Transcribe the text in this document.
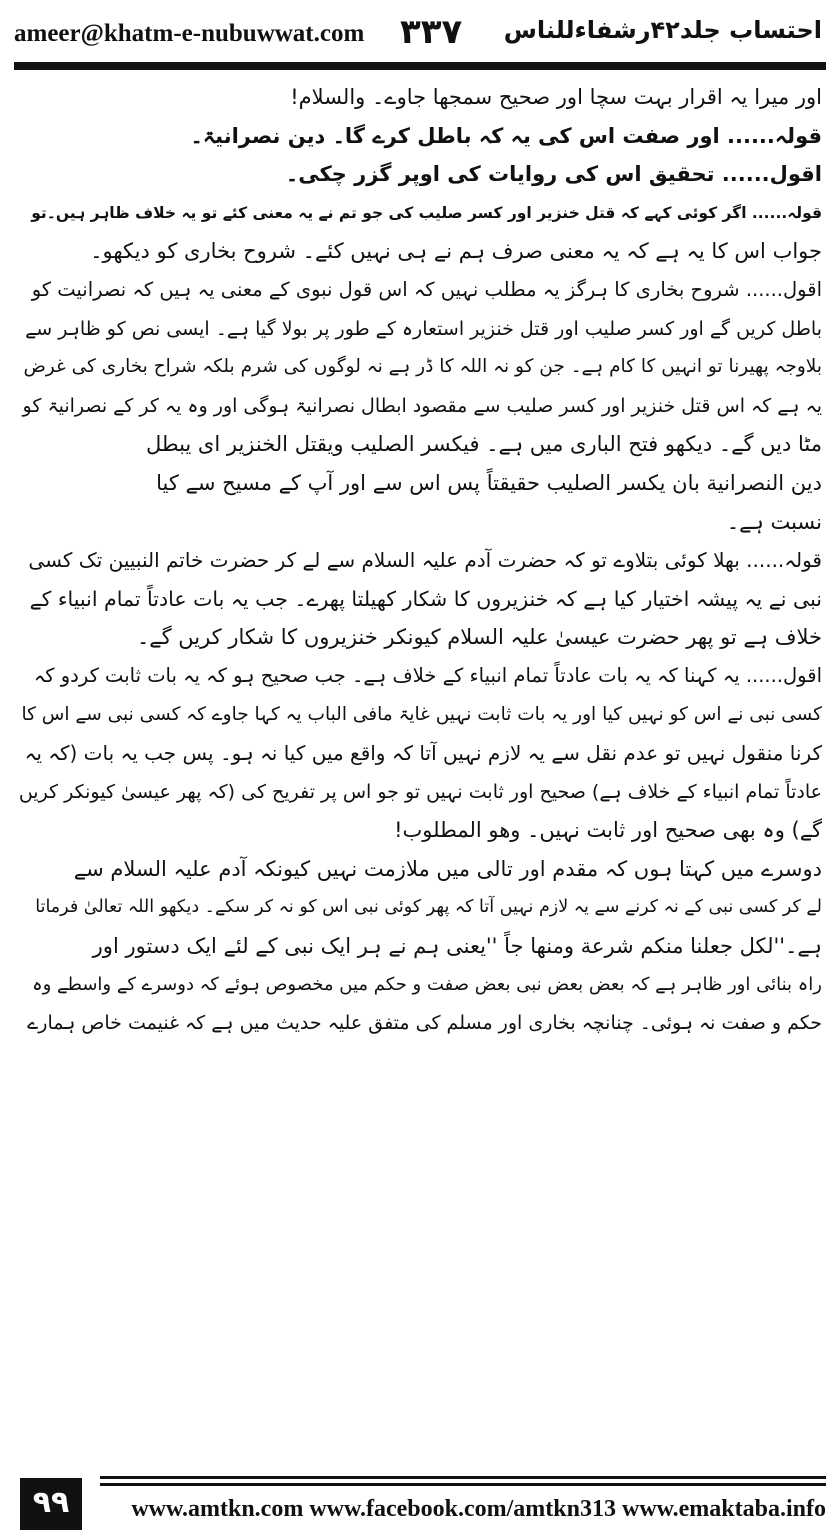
ameer@khatm-e-nubuwwat.com ۳۳۷ احتساب جلد۴۲رشفاءللناس
اور میرا یہ اقرار بہت سچا اور صحیح سمجھا جاوے۔ والسلام!
قولہ...... اور صفت اس کی یہ کہ باطل کرے گا۔ دین نصرانیۃ۔
اقول...... تحقیق اس کی روایات کی اوپر گزر چکی۔
قولہ...... اگر کوئی کہے کہ قتل خنزیر اور کسر صلیب کی جو تم نے یہ معنی کئے تو یہ خلاف ظاہر ہیں۔تو
جواب اس کا یہ ہے کہ یہ معنی صرف ہم نے ہی نہیں کئے۔ شروح بخاری کو دیکھو۔
اقول...... شروح بخاری کا ہرگز یہ مطلب نہیں کہ اس قول نبوی کے معنی یہ ہیں کہ نصرانیت کو
باطل کریں گے اور کسر صلیب اور قتل خنزیر استعارہ کے طور پر بولا گیا ہے۔ ایسی نص کو ظاہر سے
بلاوجہ پھیرنا تو انہیں کا کام ہے۔ جن کو نہ اللہ کا ڈر ہے نہ لوگوں کی شرم بلکہ شراح بخاری کی غرض
یہ ہے کہ اس قتل خنزیر اور کسر صلیب سے مقصود ابطال نصرانیۃ ہوگی اور وہ یہ کر کے نصرانیۃ کو
مٹا دیں گے۔ دیکھو فتح الباری میں ہے۔ فیکسر الصلیب ویقتل الخنزیر ای یبطل
دین النصرانیة بان یکسر الصلیب حقیقتاً پس اس سے اور آپ کے مسیح سے کیا
نسبت ہے۔
قولہ...... بھلا کوئی بتلاوے تو کہ حضرت آدم علیہ السلام سے لے کر حضرت خاتم النبیین تک کسی
نبی نے یہ پیشہ اختیار کیا ہے کہ خنزیروں کا شکار کھیلتا پھرے۔ جب یہ بات عادتاً تمام انبیاء کے
خلاف ہے تو پھر حضرت عیسیٰ علیہ السلام کیونکر خنزیروں کا شکار کریں گے۔
اقول...... یہ کہنا کہ یہ بات عادتاً تمام انبیاء کے خلاف ہے۔ جب صحیح ہو کہ یہ بات ثابت کردو کہ
کسی نبی نے اس کو نہیں کیا اور یہ بات ثابت نہیں غایۃ مافی الباب یہ کہا جاوے کہ کسی نبی سے اس کا
کرنا منقول نہیں تو عدم نقل سے یہ لازم نہیں آتا کہ واقع میں کیا نہ ہو۔ پس جب یہ بات (کہ یہ
عادتاً تمام انبیاء کے خلاف ہے) صحیح اور ثابت نہیں تو جو اس پر تفریح کی (کہ پھر عیسیٰ کیونکر کریں
گے) وہ بھی صحیح اور ثابت نہیں۔ وھو المطلوب!
دوسرے میں کہتا ہوں کہ مقدم اور تالی میں ملازمت نہیں کیونکہ آدم علیہ السلام سے
لے کر کسی نبی کے نہ کرنے سے یہ لازم نہیں آتا کہ پھر کوئی نبی اس کو نہ کر سکے۔ دیکھو اللہ تعالیٰ فرماتا
ہے۔''لکل جعلنا منکم شرعة ومنھا جاً ''یعنی ہم نے ہر ایک نبی کے لئے ایک دستور اور
راہ بنائی اور ظاہر ہے کہ بعض بعض نبی بعض صفت و حکم میں مخصوص ہوئے کہ دوسرے کے واسطے وہ
حکم و صفت نہ ہوئی۔ چنانچہ بخاری اور مسلم کی متفق علیہ حدیث میں ہے کہ غنیمت خاص ہمارے
۹۹	www.amtkn.com www.facebook.com/amtkn313 www.emaktaba.info
